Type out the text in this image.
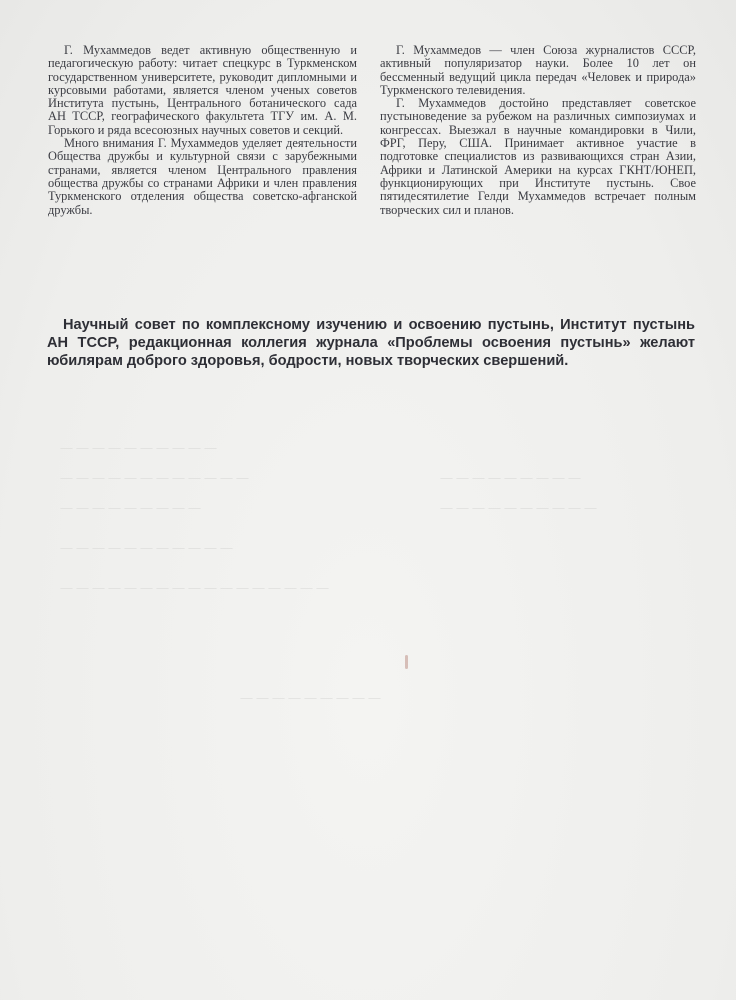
― ― ― ― ― ― ― ― ― ―
― ― ― ― ― ― ― ― ― ― ― ―
― ― ― ― ― ― ― ― ―
― ― ― ― ― ― ― ― ― ― ―
― ― ― ― ― ― ― ― ― ― ― ― ― ― ― ― ―
― ― ― ― ― ― ― ― ―
― ― ― ― ― ― ― ― ― ―
― ― ― ― ― ― ― ― ―

Г. Мухаммедов ведет активную общественную и педагогическую работу: читает спецкурс в Туркменском государственном университете, руководит дипломными и курсовыми работами, является членом ученых советов Института пустынь, Центрального ботанического сада АН ТССР, географического факультета ТГУ им. А. М. Горького и ряда всесоюзных научных советов и секций.

Много внимания Г. Мухаммедов уделяет деятельности Общества дружбы и культурной связи с зарубежными странами, является членом Центрального правления общества дружбы со странами Африки и член правления Туркменского отделения общества советско-афганской дружбы.

Г. Мухаммедов — член Союза журналистов СССР, активный популяризатор науки. Более 10 лет он бессменный ведущий цикла передач «Человек и природа» Туркменского телевидения.

Г. Мухаммедов достойно представляет советское пустыноведение за рубежом на различных симпозиумах и конгрессах. Выезжал в научные командировки в Чили, ФРГ, Перу, США. Принимает активное участие в подготовке специалистов из развивающихся стран Азии, Африки и Латинской Америки на курсах ГКНТ/ЮНЕП, функционирующих при Институте пустынь. Свое пятидесятилетие Гелди Мухаммедов встречает полным творческих сил и планов.

Научный совет по комплексному изучению и освоению пустынь, Институт пустынь АН ТССР, редакционная коллегия журнала «Проблемы освоения пустынь» желают юбилярам доброго здоровья, бодрости, новых творческих свершений.
